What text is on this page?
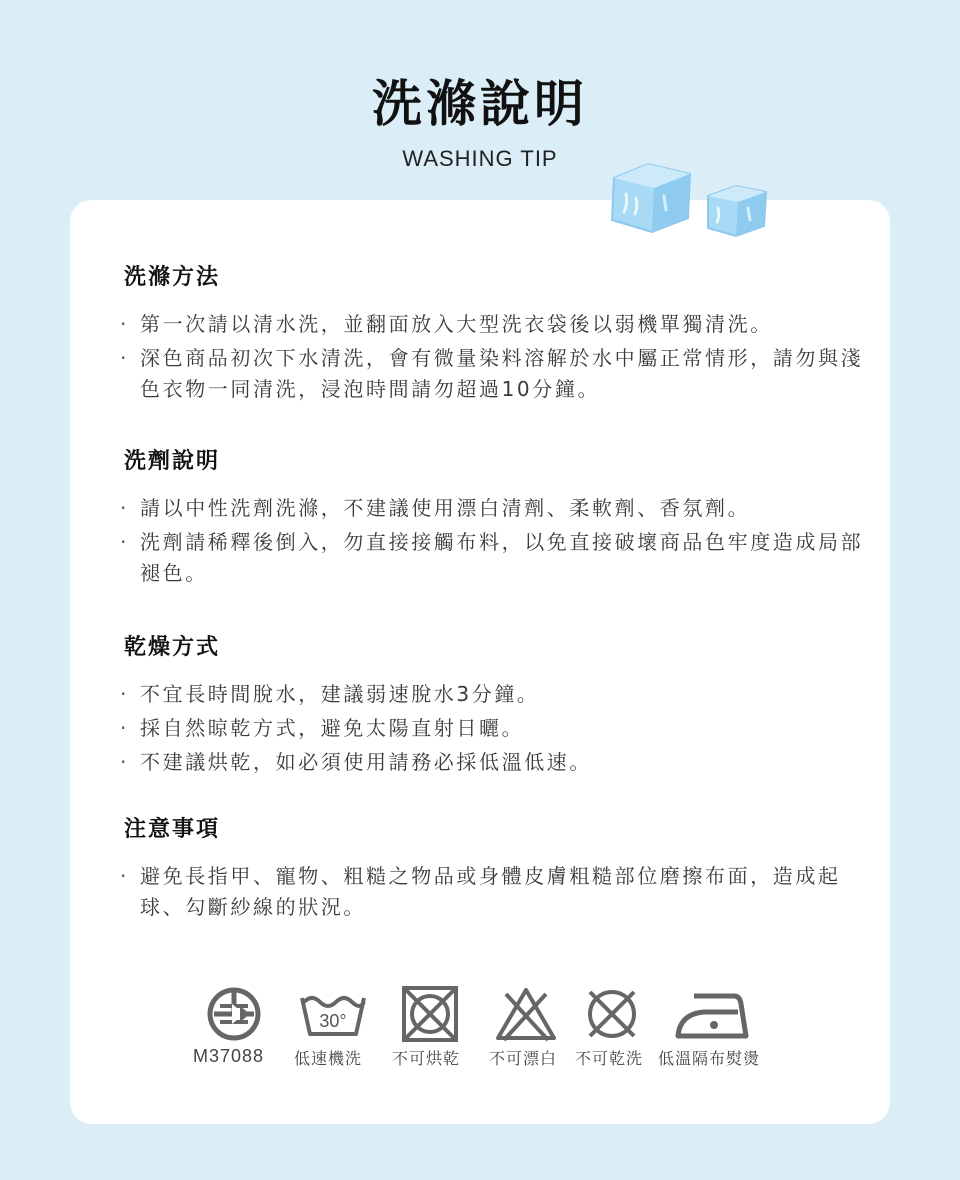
洗滌說明
WASHING TIP
洗滌方法
· 第一次請以清水洗，並翻面放入大型洗衣袋後以弱機單獨清洗。
· 深色商品初次下水清洗，會有微量染料溶解於水中屬正常情形，請勿與淺色衣物一同清洗，浸泡時間請勿超過10分鐘。
洗劑說明
· 請以中性洗劑洗滌，不建議使用漂白清劑、柔軟劑、香氛劑。
· 洗劑請稀釋後倒入，勿直接接觸布料，以免直接破壞商品色牢度造成局部褪色。
乾燥方式
· 不宜長時間脫水，建議弱速脫水3分鐘。
· 採自然晾乾方式，避免太陽直射日曬。
· 不建議烘乾，如必須使用請務必採低溫低速。
注意事項
· 避免長指甲、寵物、粗糙之物品或身體皮膚粗糙部位磨擦布面，造成起球、勾斷紗線的狀況。
30°
M37088 低速機洗 不可烘乾 不可漂白 不可乾洗 低溫隔布熨燙
